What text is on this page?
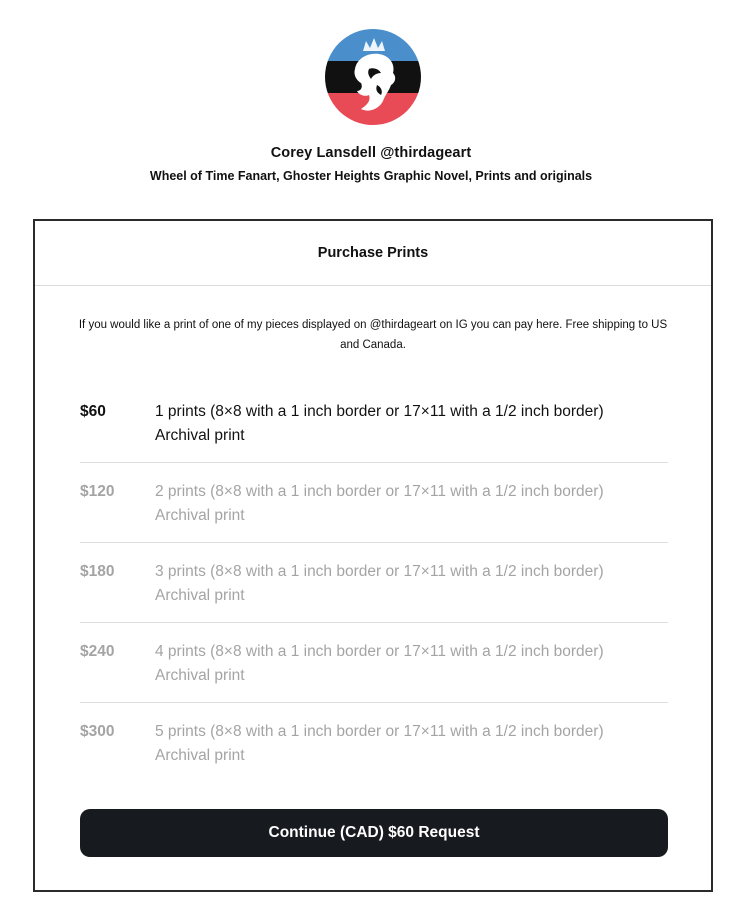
Corey Lansdell @thirdageart
Wheel of Time Fanart, Ghoster Heights Graphic Novel, Prints and originals
Purchase Prints
If you would like a print of one of my pieces displayed on @thirdageart on IG you can pay here. Free shipping to US and Canada.
$60	1 prints (8×8 with a 1 inch border or 17×11 with a 1/2 inch border)
Archival print
$120	2 prints (8×8 with a 1 inch border or 17×11 with a 1/2 inch border)
Archival print
$180	3 prints (8×8 with a 1 inch border or 17×11 with a 1/2 inch border)
Archival print
$240	4 prints (8×8 with a 1 inch border or 17×11 with a 1/2 inch border)
Archival print
$300	5 prints (8×8 with a 1 inch border or 17×11 with a 1/2 inch border)
Archival print
Continue (CAD) $60 Request
